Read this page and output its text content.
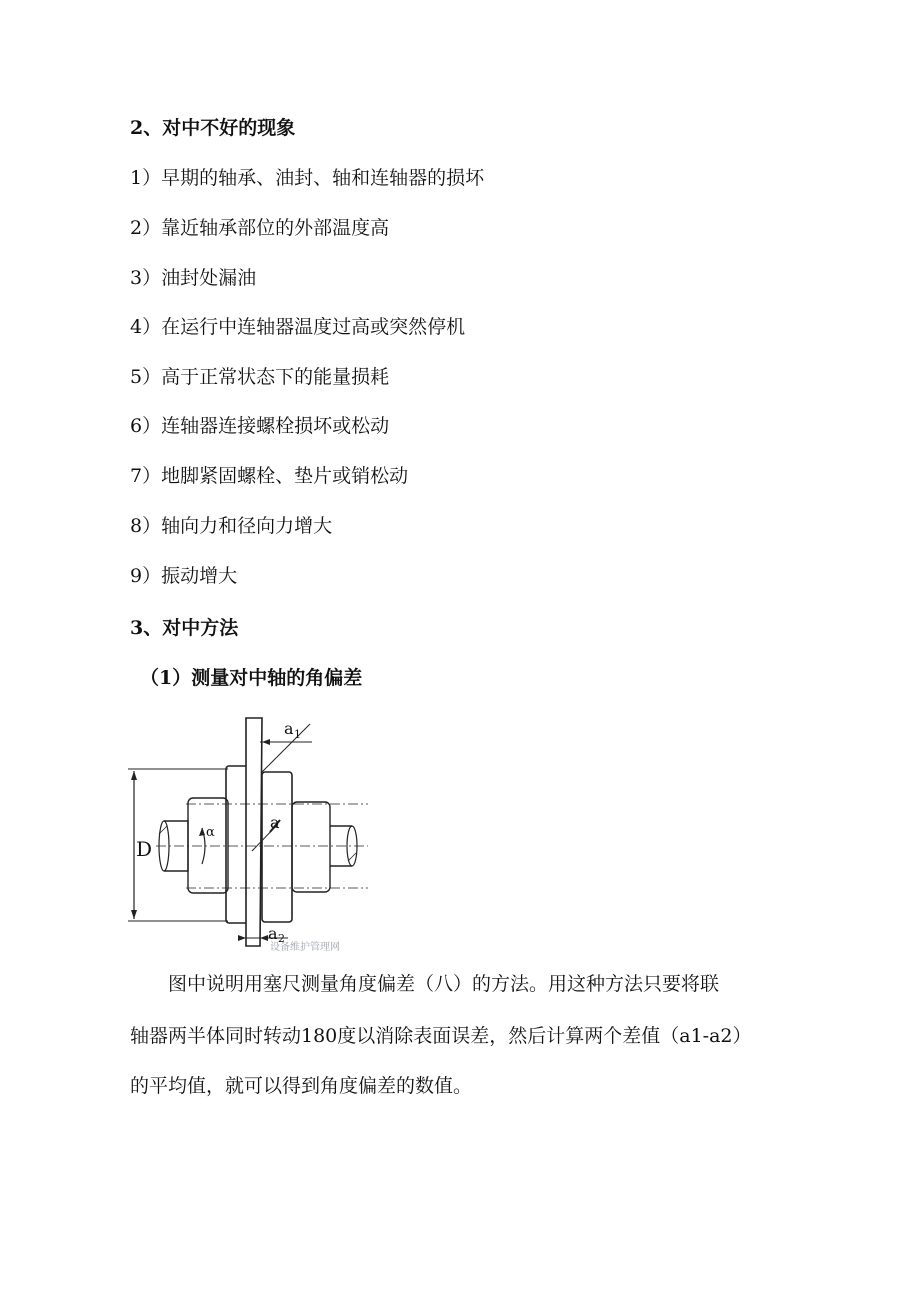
2、对中不好的现象
1）早期的轴承、油封、轴和连轴器的损坏
2）靠近轴承部位的外部温度高
3）油封处漏油
4）在运行中连轴器温度过高或突然停机
5）高于正常状态下的能量损耗
6）连轴器连接螺栓损坏或松动
7）地脚紧固螺栓、垫片或销松动
8）轴向力和径向力增大
9）振动增大
3、对中方法
（1）测量对中轴的角偏差
a 1
a
a 2
D
α
设备维护管理网
　　图中说明用塞尺测量角度偏差（八）的方法。用这种方法只要将联
轴器两半体同时转动180度以消除表面误差，然后计算两个差值（a1-a2）
的平均值，就可以得到角度偏差的数值。
